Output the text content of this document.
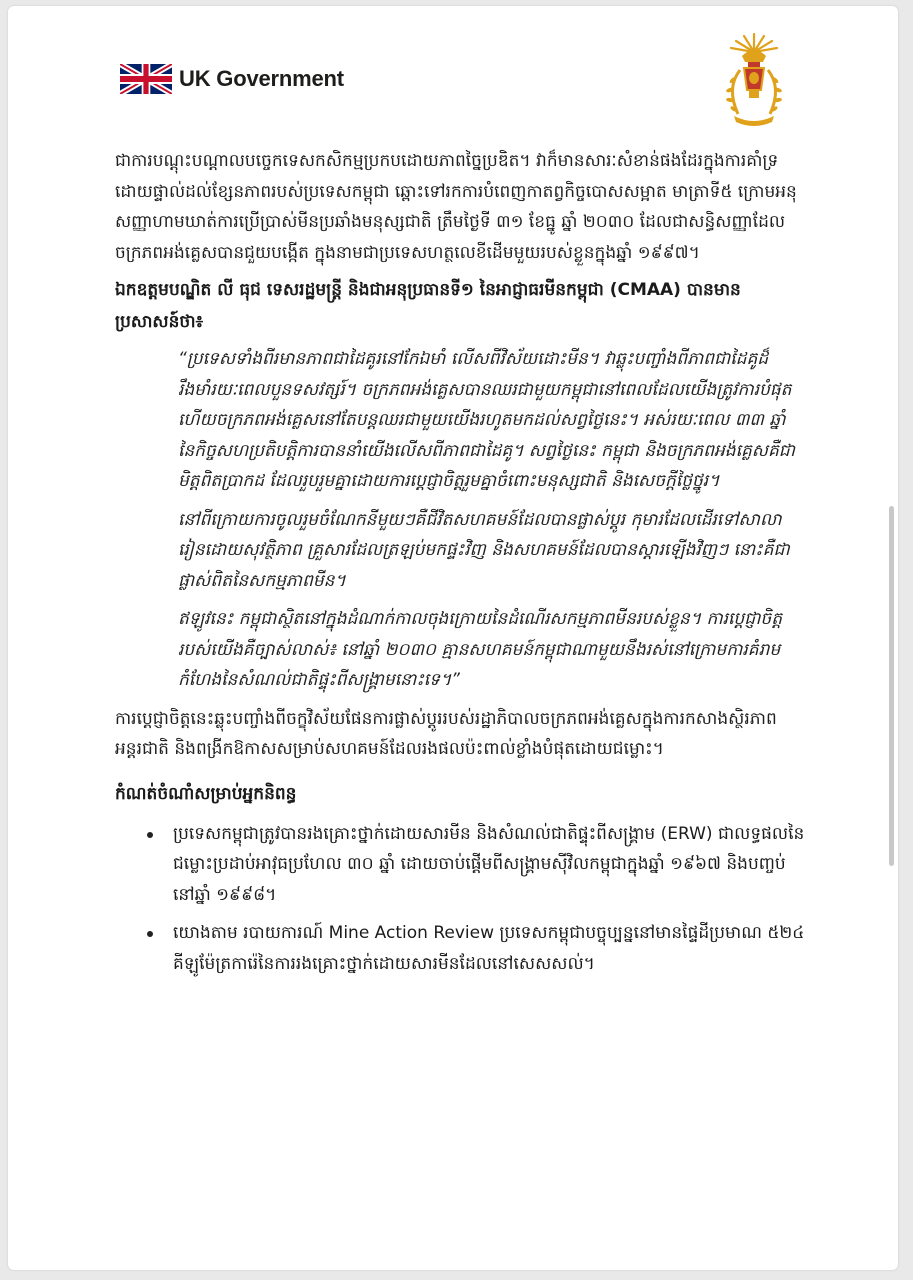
UK Government

ជាការបណ្តុះបណ្តាលបច្ចេកទេសកសិកម្មប្រកបដោយភាពច្នៃប្រឌិត។ វាក៏មានសារៈសំខាន់ផងដែរក្នុងការគាំទ្រដោយផ្ទាល់ដល់ខ្សែនភាពរបស់ប្រទេសកម្ពុជា ឆ្ពោះទៅរកការបំពេញកាតព្វកិច្ចបោសសម្អាត មាត្រាទី៥ ក្រោមអនុសញ្ញាហាមឃាត់ការប្រើប្រាស់មីនប្រឆាំងមនុស្សជាតិ ត្រឹមថ្ងៃទី ៣១ ខែធ្នូ ឆ្នាំ ២០៣០ ដែលជាសន្ធិសញ្ញាដែលចក្រភពអង់គ្លេសបានជួយបង្កើត ក្នុងនាមជាប្រទេសហត្ថលេខីដើមមួយរបស់ខ្លួនក្នុងឆ្នាំ ១៩៩៧។

ឯកឧត្តមបណ្ឌិត លី ធុជ ទេសរដ្ឋមន្ត្រី និងជាអនុប្រធានទី១ នៃអាជ្ញាធរមីនកម្ពុជា (CMAA) បានមានប្រសាសន៍ថា៖

“ប្រទេសទាំងពីរមានភាពជាដៃគូរនៅកែឯមាំ លើសពីវិស័យដោះមីន។ វាឆ្លុះបញ្ចាំងពីភាពជាដៃគូដ៏រឹងមាំរយៈពេលបួនទសវត្សរ៍។ ចក្រភពអង់គ្លេសបានឈរជាមួយកម្ពុជានៅពេលដែលយើងត្រូវការបំផុត ហើយចក្រភពអង់គ្លេសនៅតែបន្តឈរជាមួយយើងរហូតមកដល់សព្វថ្ងៃនេះ។ អស់រយៈពេល ៣៣ ឆ្នាំនៃកិច្ចសហប្រតិបត្តិការបាននាំយើងលើសពីភាពជាដៃគូ។ សព្វថ្ងៃនេះ កម្ពុជា និងចក្រភពអង់គ្លេសគឺជាមិត្តពិតប្រាកដ ដែលរួបរួមគ្នាដោយការប្តេជ្ញាចិត្តរួមគ្នាចំពោះមនុស្សជាតិ និងសេចក្តីថ្លៃថ្នូរ។

នៅពីក្រោយការចូលរួមចំណែកនីមួយៗគឺជីវិតសហគមន៍ដែលបានផ្លាស់ប្តូរ កុមារដែលដើរទៅសាលារៀនដោយសុវត្ថិភាព គ្រួសារដែលត្រឡប់មកផ្ទះវិញ និងសហគមន៍ដែលបានស្តារឡើងវិញៗ នោះគឺជាផ្លាស់ពិតនៃសកម្មភាពមីន។

ឥឡូវនេះ កម្ពុជាស្ថិតនៅក្នុងដំណាក់កាលចុងក្រោយនៃដំណើរសកម្មភាពមីនរបស់ខ្លួន។ ការប្តេជ្ញាចិត្តរបស់យើងគឺច្បាស់លាស់៖ នៅឆ្នាំ ២០៣០ គ្មានសហគមន៍កម្ពុជាណាមួយនឹងរស់នៅក្រោមការគំរាមកំហែងនៃសំណល់ជាតិផ្ទុះពីសង្គ្រាមនោះទេ។”

ការប្តេជ្ញាចិត្តនេះឆ្លុះបញ្ចាំងពីចក្ខុវិស័យផែនការផ្លាស់ប្តូររបស់រដ្ឋាភិបាលចក្រភពអង់គ្លេសក្នុងការកសាងស្ថិរភាពអន្តរជាតិ និងពង្រីកឱកាសសម្រាប់សហគមន៍ដែលរងផលប៉ះពាល់ខ្លាំងបំផុតដោយជម្លោះ។

កំណត់ចំណាំសម្រាប់អ្នកនិពន្ធ

ប្រទេសកម្ពុជាត្រូវបានរងគ្រោះថ្នាក់ដោយសារមីន និងសំណល់ជាតិផ្ទុះពីសង្គ្រាម (ERW) ជាលទ្ធផលនៃជម្លោះប្រដាប់អាវុធប្រហែល ៣០ ឆ្នាំ ដោយចាប់ផ្តើមពីសង្គ្រាមស៊ីវិលកម្ពុជាក្នុងឆ្នាំ ១៩៦៧ និងបញ្ចប់នៅឆ្នាំ ១៩៩៨។
យោងតាម របាយការណ៍ Mine Action Review ប្រទេសកម្ពុជាបច្ចុប្បន្ននៅមានផ្ទៃដីប្រមាណ ៥២៤ គីឡូម៉ែត្រការ៉េនៃការរងគ្រោះថ្នាក់ដោយសារមីនដែលនៅសេសសល់។
